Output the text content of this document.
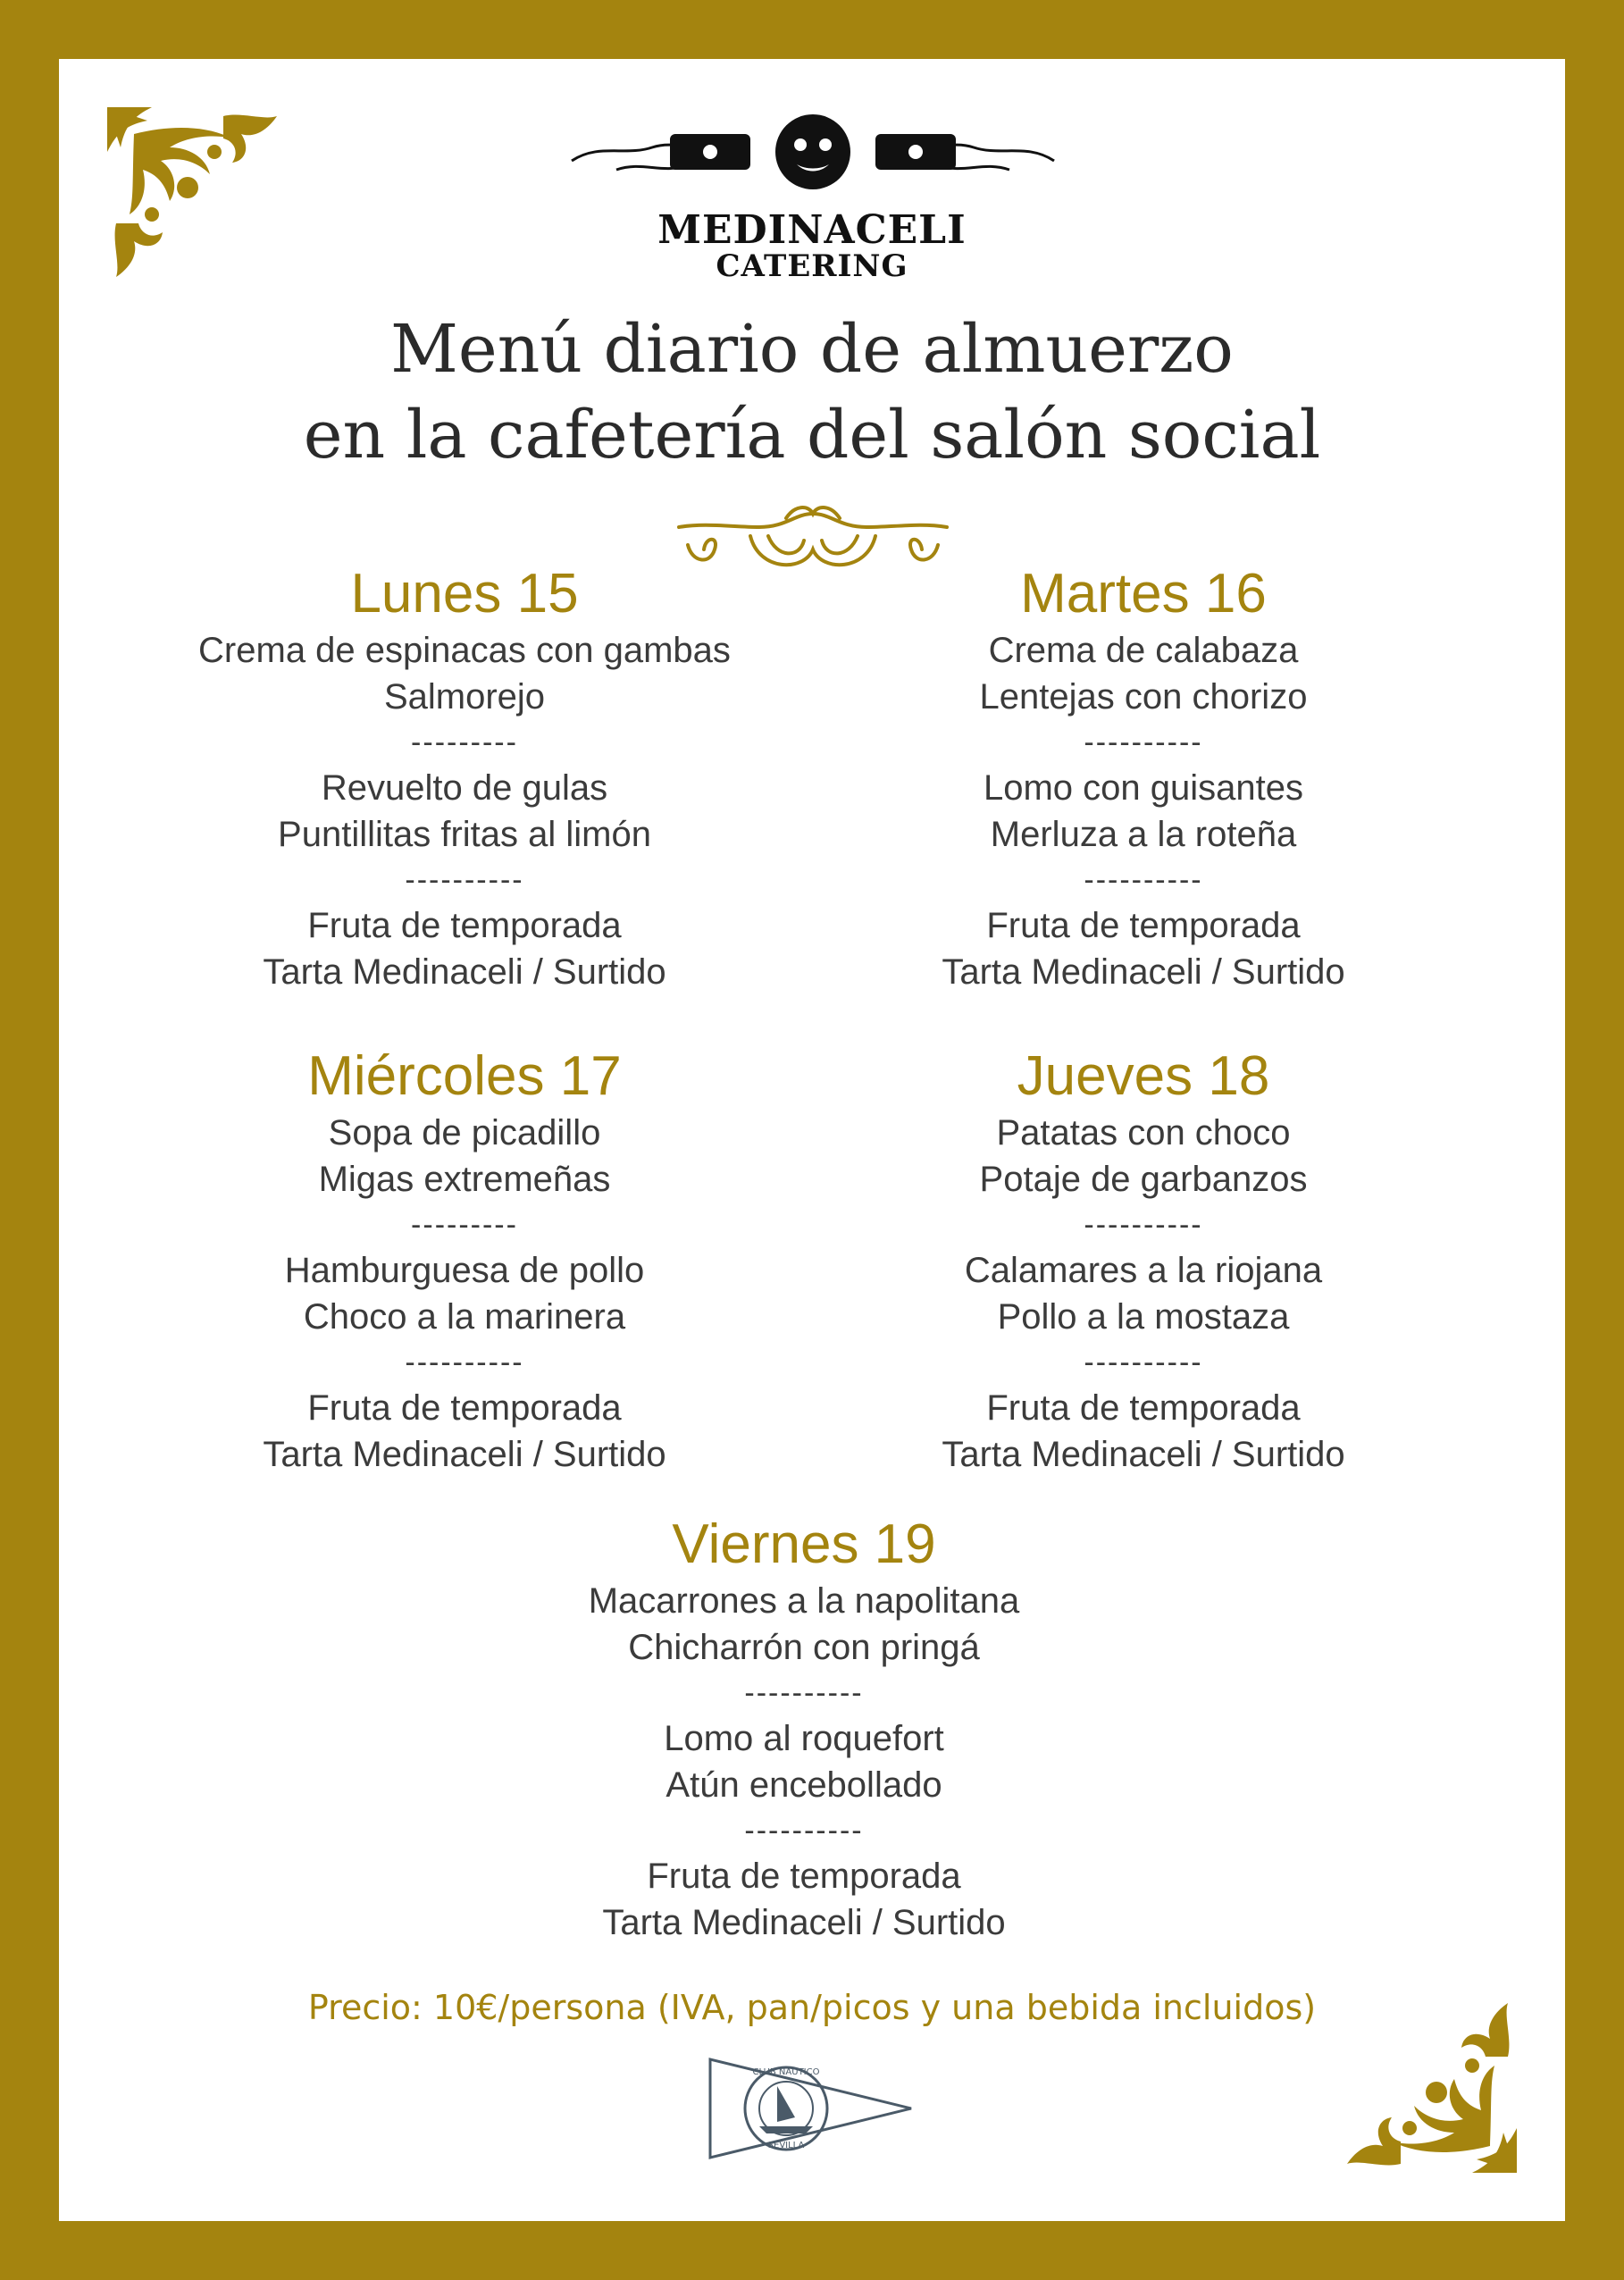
MEDINACELI
CATERING
Menú diario de almuerzo
en la cafetería del salón social
Lunes 15
Crema de espinacas con gambas
Salmorejo
---------
Revuelto de gulas
Puntillitas fritas al limón
----------
Fruta de temporada
Tarta Medinaceli / Surtido
Martes 16
Crema de calabaza
Lentejas con chorizo
----------
Lomo con guisantes
Merluza a la roteña
----------
Fruta de temporada
Tarta Medinaceli / Surtido
Miércoles 17
Sopa de picadillo
Migas extremeñas
---------
Hamburguesa de pollo
Choco a la marinera
----------
Fruta de temporada
Tarta Medinaceli / Surtido
Jueves 18
Patatas con choco
Potaje de garbanzos
----------
Calamares a la riojana
Pollo a la mostaza
----------
Fruta de temporada
Tarta Medinaceli / Surtido
Viernes 19
Macarrones a la napolitana
Chicharrón con pringá
----------
Lomo al roquefort
Atún encebollado
----------
Fruta de temporada
Tarta Medinaceli / Surtido
Precio: 10€/persona (IVA, pan/picos y una bebida incluidos)
CLUB NÁUTICO
SEVILLA
